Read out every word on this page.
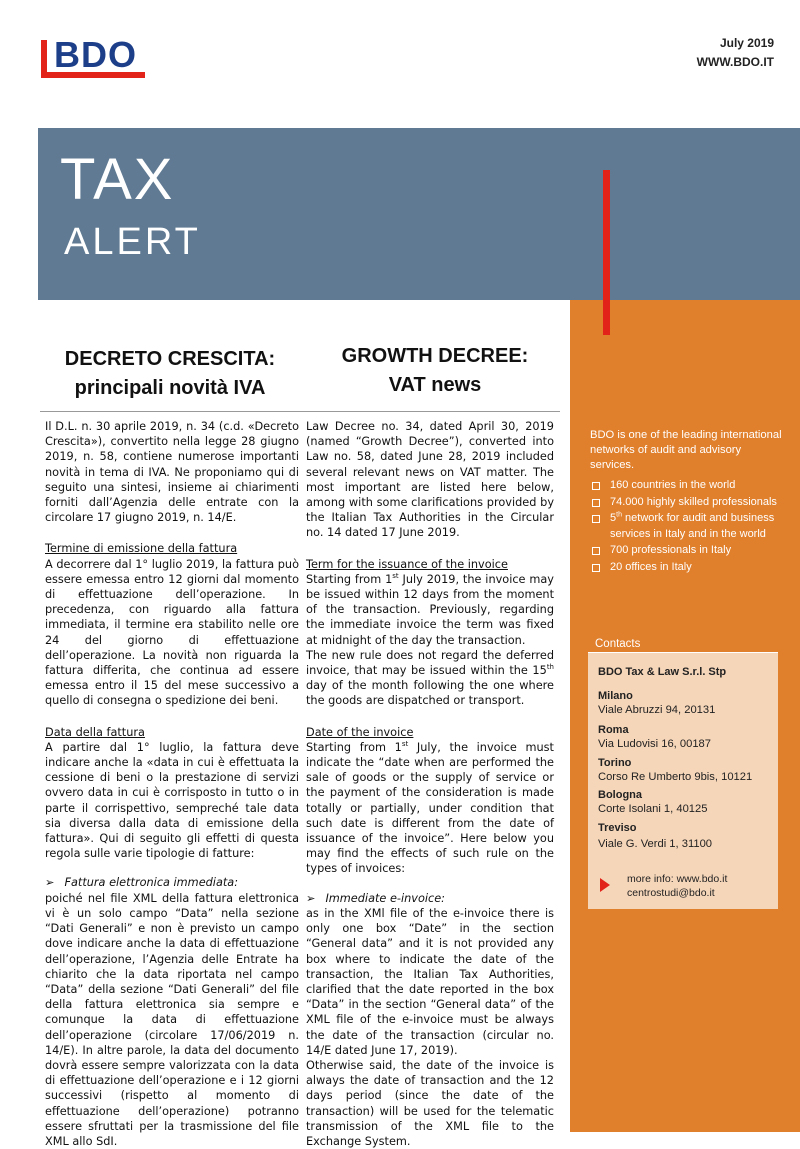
BDO	July 2019
WWW.BDO.IT
TAX
ALERT
BDO is one of the leading international networks of audit and advisory services.
160 countries in the world
74.000 highly skilled professionals
5th network for audit and business services in Italy and in the world
700 professionals in Italy
20 offices in Italy
Contacts
BDO Tax & Law S.r.l. Stp
Milano
Viale Abruzzi 94, 20131
Roma
Via Ludovisi 16, 00187
Torino
Corso Re Umberto 9bis, 10121
Bologna
Corte Isolani 1, 40125
Treviso
Viale G. Verdi 1, 31100
more info: www.bdo.it
centrostudi@bdo.it
DECRETO CRESCITA:
principali novità IVA
GROWTH DECREE:
VAT news

Il D.L. n. 30 aprile 2019, n. 34 (c.d. «Decreto Crescita»), convertito nella legge 28 giugno 2019, n. 58, contiene numerose importanti novità in tema di IVA. Ne proponiamo qui di seguito una sintesi, insieme ai chiarimenti forniti dall’Agenzia delle entrate con la circolare 17 giugno 2019, n. 14/E.

Termine di emissione della fattura

A decorrere dal 1° luglio 2019, la fattura può essere emessa entro 12 giorni dal momento di effettuazione dell’operazione. In precedenza, con riguardo alla fattura immediata, il termine era stabilito nelle ore 24 del giorno di effettuazione dell’operazione. La novità non riguarda la fattura differita, che continua ad essere emessa entro il 15 del mese successivo a quello di consegna o spedizione dei beni.

Data della fattura

A partire dal 1° luglio, la fattura deve indicare anche la «data in cui è effettuata la cessione di beni o la prestazione di servizi ovvero data in cui è corrisposto in tutto o in parte il corrispettivo, sempreché tale data sia diversa dalla data di emissione della fattura». Qui di seguito gli effetti di questa regola sulle varie tipologie di fatture:

➢ Fattura elettronica immediata:

poiché nel file XML della fattura elettronica vi è un solo campo “Data” nella sezione “Dati Generali” e non è previsto un campo dove indicare anche la data di effettuazione dell’operazione, l’Agenzia delle Entrate ha chiarito che la data riportata nel campo “Data” della sezione “Dati Generali” del file della fattura elettronica sia sempre e comunque la data di effettuazione dell’operazione (circolare 17/06/2019 n. 14/E). In altre parole, la data del documento dovrà essere sempre valorizzata con la data di effettuazione dell’operazione e i 12 giorni successivi (rispetto al momento di effettuazione dell’operazione) potranno essere sfruttati per la trasmissione del file XML allo SdI.

Law Decree no. 34, dated April 30, 2019 (named “Growth Decree”), converted into Law no. 58, dated June 28, 2019 included several relevant news on VAT matter. The most important are listed here below, among with some clarifications provided by the Italian Tax Authorities in the Circular no. 14 dated 17 June 2019.

Term for the issuance of the invoice

Starting from 1st July 2019, the invoice may be issued within 12 days from the moment of the transaction. Previously, regarding the immediate invoice the term was fixed at midnight of the day the transaction.

The new rule does not regard the deferred invoice, that may be issued within the 15th day of the month following the one where the goods are dispatched or transport.

Date of the invoice

Starting from 1st July, the invoice must indicate the “date when are performed the sale of goods or the supply of service or the payment of the consideration is made totally or partially, under condition that such date is different from the date of issuance of the invoice”. Here below you may find the effects of such rule on the types of invoices:

➢ Immediate e-invoice:

as in the XMl file of the e-invoice there is only one box “Date” in the section “General data” and it is not provided any box where to indicate the date of the transaction, the Italian Tax Authorities, clarified that the date reported in the box “Data” in the section “General data” of the XML file of the e-invoice must be always the date of the transaction (circular no. 14/E dated June 17, 2019).

Otherwise said, the date of the invoice is always the date of transaction and the 12 days period (since the date of the transaction) will be used for the telematic transmission of the XML file to the Exchange System.
